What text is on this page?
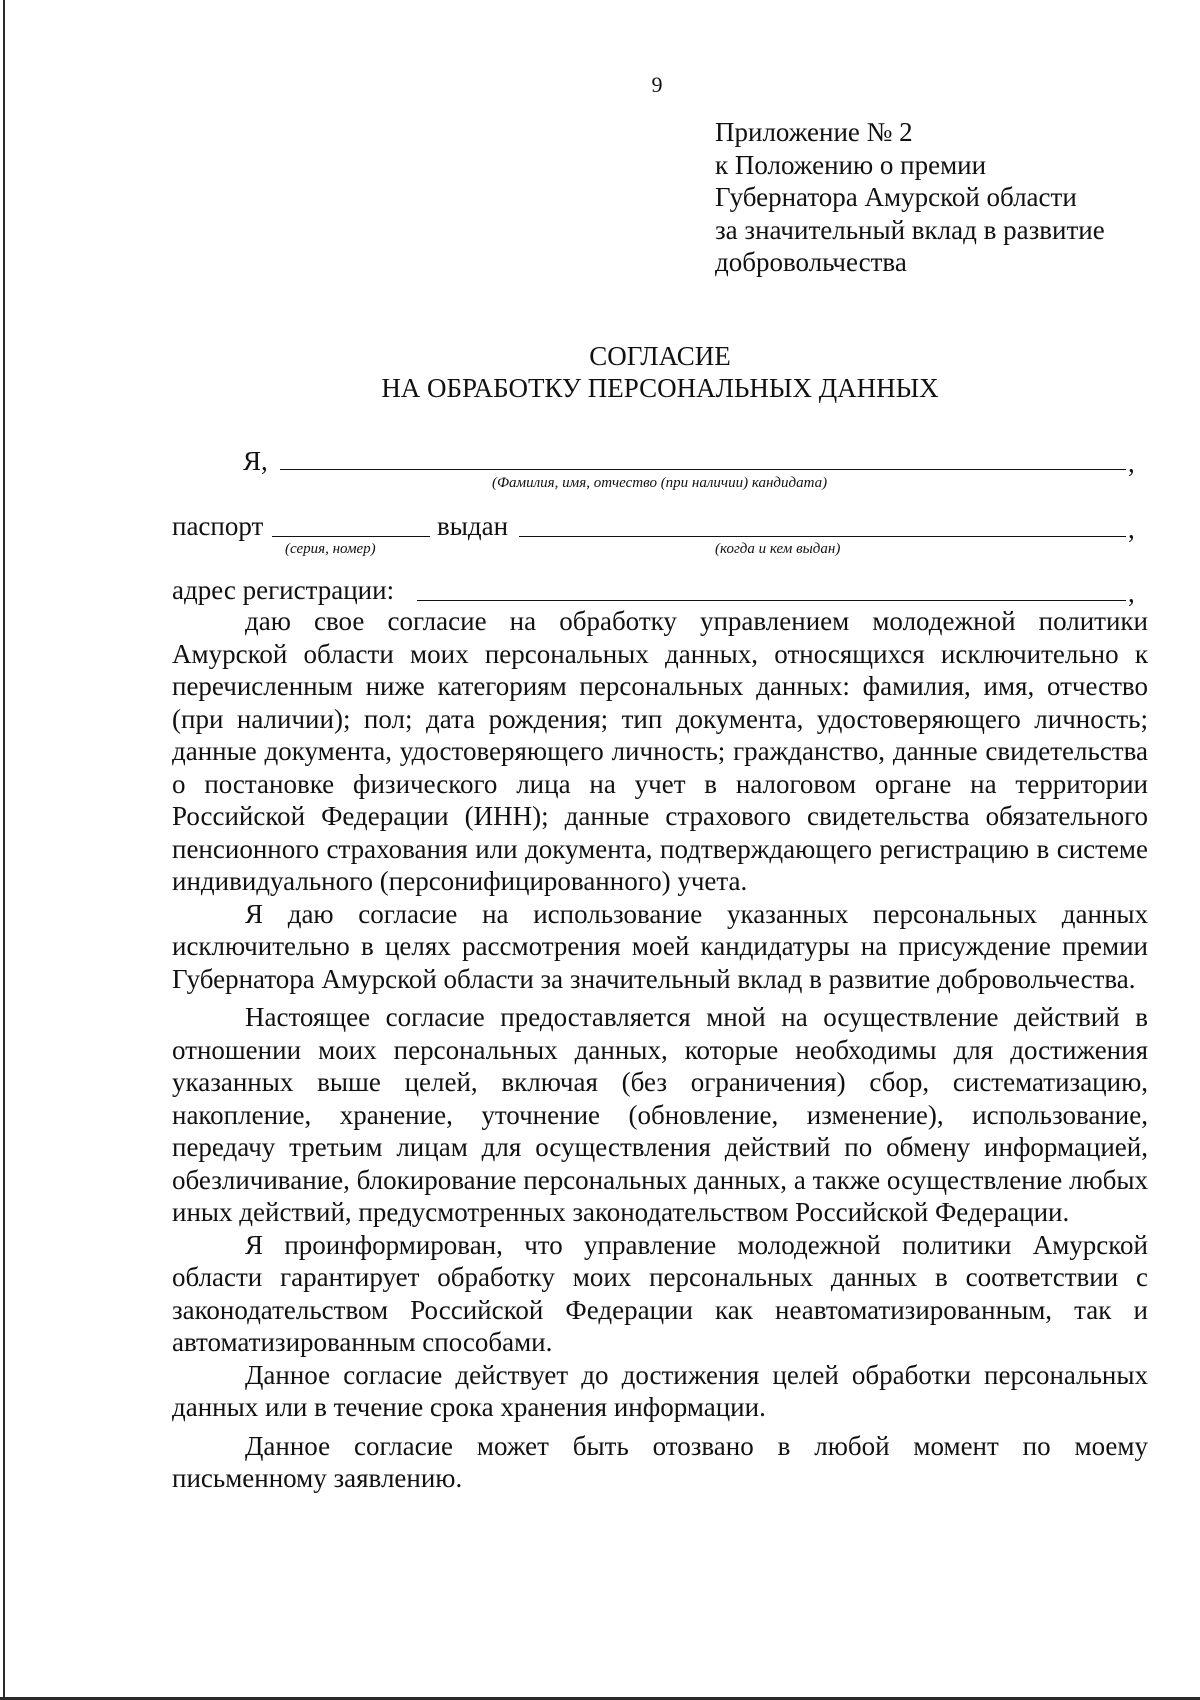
9
Приложение № 2
к Положению о премии
Губернатора Амурской области
за значительный вклад в развитие
добровольчества
СОГЛАСИЕ
НА ОБРАБОТКУ ПЕРСОНАЛЬНЫХ ДАННЫХ
Я,	,
(Фамилия, имя, отчество (при наличии) кандидата)
паспорт
(серия, номер)
выдан	,
(когда и кем выдан)
адрес регистрации:	,

даю свое согласие на обработку управлением молодежной политики Амурской области моих персональных данных, относящихся исключительно к перечисленным ниже категориям персональных данных: фамилия, имя, отчество (при наличии); пол; дата рождения; тип документа, удостоверяющего личность; данные документа, удостоверяющего личность; гражданство, данные свидетельства о постановке физического лица на учет в налоговом органе на территории Российской Федерации (ИНН); данные страхового свидетельства обязательного пенсионного страхования или документа, подтверждающего регистрацию в системе индивидуального (персонифицированного) учета.

Я даю согласие на использование указанных персональных данных исключительно в целях рассмотрения моей кандидатуры на присуждение премии Губернатора Амурской области за значительный вклад в развитие добровольчества.

Настоящее согласие предоставляется мной на осуществление действий в отношении моих персональных данных, которые необходимы для достижения указанных выше целей, включая (без ограничения) сбор, систематизацию, накопление, хранение, уточнение (обновление, изменение), использование, передачу третьим лицам для осуществления действий по обмену информацией, обезличивание, блокирование персональных данных, а также осуществление любых иных действий, предусмотренных законодательством Российской Федерации.

Я проинформирован, что управление молодежной политики Амурской области гарантирует обработку моих персональных данных в соответствии с законодательством Российской Федерации как неавтоматизированным, так и автоматизированным способами.

Данное согласие действует до достижения целей обработки персональных данных или в течение срока хранения информации.

Данное согласие может быть отозвано в любой момент по моему письменному заявлению.
